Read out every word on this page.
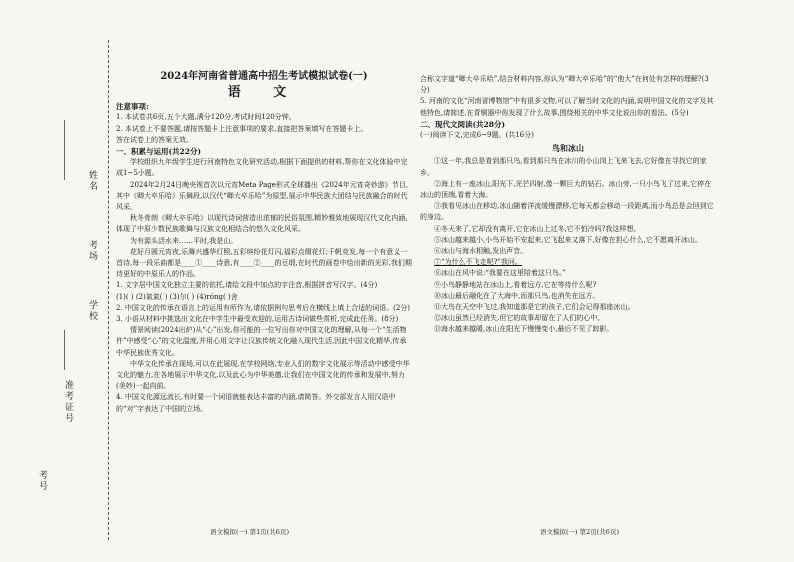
姓名
考场
学校
准考证号
考号
2024年河南省普通高中招生考试模拟试卷(一)
语 文

注意事项:

1. 本试卷共6页,五个大题,满分120分,考试时间120分钟。

2. 本试卷上不要答题,请按答题卡上注意事项的要求,直接把答案填写在答题卡上。

答在试卷上的答案无效。

一、积累与运用(共22分)

学校组织九年级学生进行河南特色文化研究活动,根据下面提供的材料,帮你在文化体验中完成1~5小题。

2024年2月24日晚央视首次以元宵Meta Page形式全球播出《2024年元宵奇妙游》节目,其中《卿大卒乐哈》乐舞段,以汉代“卿大卒乐哈”为原型,展示中华民族大团结与民族融合的时代风采。

秋冬骨朗《卿大卒乐哈》以现代诗词营造出浓郁的民俗氛围,精妙雅致地展现汉代文化内涵,体现了中原少数民族歌舞与汉族文化相结合的悠久文化风采。

为有源头活水来……平时,我是山。

花好月圆元宵夜,乐舞兴盛华灯照,五彩缤纷花灯闪,福彩点缀花灯;千帆竞发,每一个有意义一首诗,每一段乐曲都是____①____诗意,有____②____的豆缎,在时代的画卷中绘出新的光彩,我们期待更好的中原乐人的作品。

1. 文字居中国文化独立主要的依托,请给文段中加点的字注音,根据拼音写汉字。(4分)

(1)( ) (2)氣氣( ) (3)尔( ) (4)róng( )舍

2. 中国文化的传承在语言上的运用有所作为,请依据例句思考后在横线上填上合适的词语。(2分)

3. 小语从材料中挑选出文化在中学生中最受欢迎的,运用古诗词做些赏析,完成此任务。(8分)

情景阅读(2024出炉)从“心”出发,你可能的一位写出你对中国文化的理解,从每一个“生活物件”中感受“心”的文化温度,并用心用文字让汉族传统文化融入现代生活,因此中国文化精华,传承中华民族优秀文化。

中华文化传承在现场,可以在此展现,在学校网络,专业人们的数字文化展示等活动中感受中华文化的魅力,在各地展示中华文化,以及此心为中华美德,让我们在中国文化的传承和发展中,努力(美妙)一起向前。

4. 中国文化源远流长,有时要一个词语就能表达丰富的内涵,请简答。外交部发言人用汉语中的“对”字表达了中国的立场。

语文模拟(一) 第1页(共6页)

合称文字道“卿大卒乐哈”,结合材料内容,你认为“卿大卒乐哈”的“他大”在何处有怎样的理解?(3分)

5. 河南的文化“河南省博物馆”中有很多文物,可以了解当时文化的内涵,说明中国文化的文字及其他特色,请简述,在青铜器中你发现了什么故事,围绕相关的中华文化说出你的看法。(5分)

二、现代文阅读(共28分)

(一)阅读下文,完成6~9题。(共16分)

鸟和冰山

①这一年,我总是看到那只鸟,看到那只鸟在冰川的小山岗上飞来飞去,它好像在寻找它的家乡。

②海上有一座冰山,阳光下,光芒四射,像一颗巨大的钻石。冰山旁,一只小鸟飞了过来,它停在冰山的顶端,看着大海。

③我看见冰山在移动,冰山随着洋流缓慢漂移,它每天都会移动一段距离,而小鸟总是会回到它的身边。

④冬天来了,它却没有离开,它在冰山上过冬,它不怕冷吗?我这样想。

⑤冰山越来越小,小鸟开始不安起来,它飞起来又落下,好像在担心什么,它不愿离开冰山。

⑥冰山与海水相触,发出声音。

⑦“为什么不飞走呢?”我问。

⑧冰山在风中说:“我要在这里陪着这只鸟。”

⑨小鸟静静地站在冰山上,看着远方,它在等待什么呢?

⑩冰山最后融化在了大海中,而那只鸟,也消失在远方。

⑪大鸟在天空中飞过,我知道那是它的孩子,它们会记得那座冰山。

⑫冰山虽然已经消失,但它的故事却留在了人们的心中。

⑬海水越来越暖,冰山在阳光下慢慢变小,最后不见了踪影。

语文模拟(一) 第2页(共6页)
